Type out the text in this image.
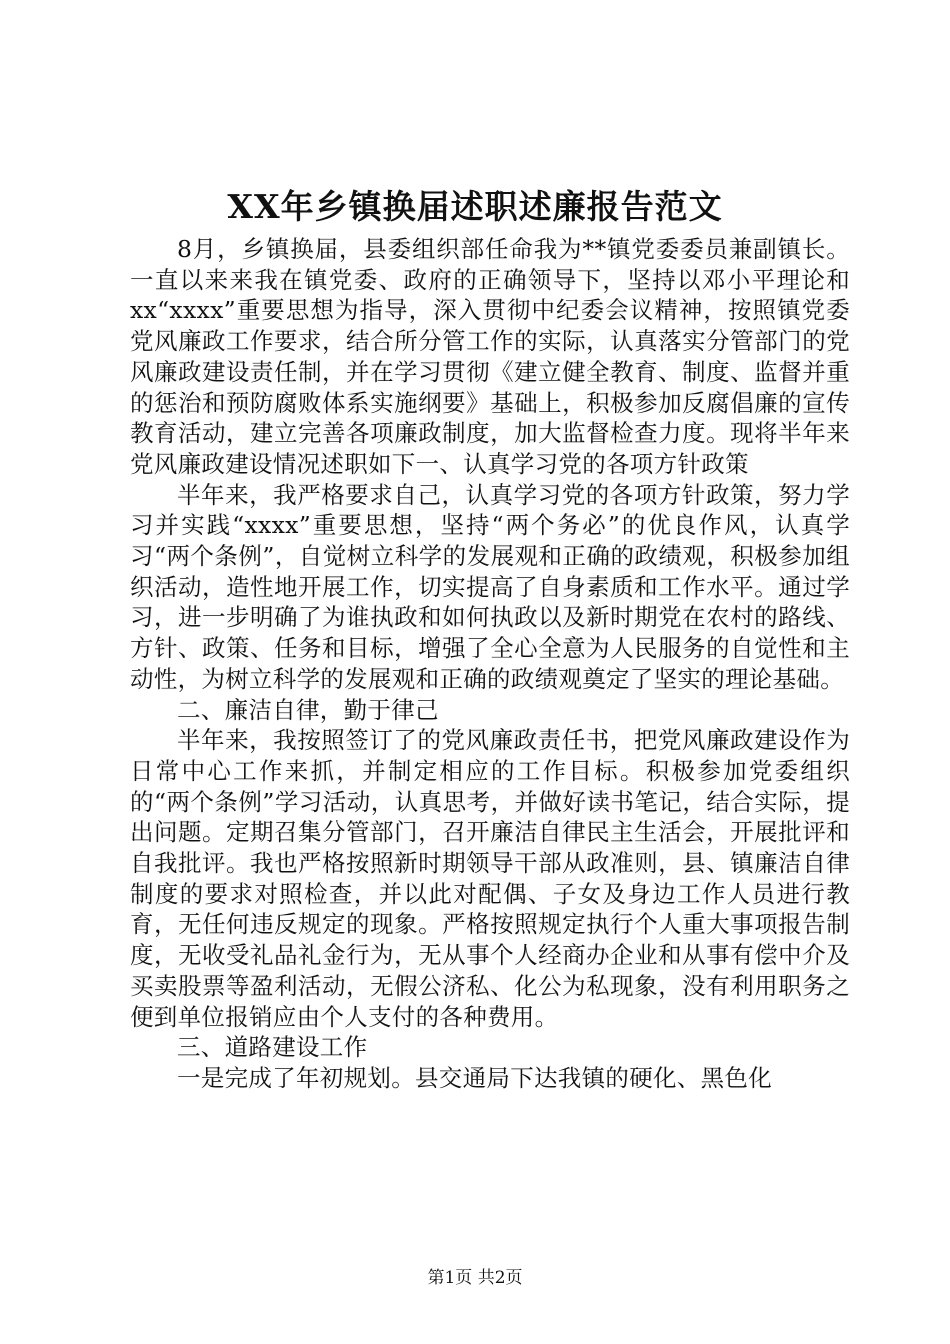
XX年乡镇换届述职述廉报告范文

8月，乡镇换届，县委组织部任命我为**镇党委委员兼副镇长。一直以来来我在镇党委、政府的正确领导下，坚持以邓小平理论和xx“xxxx”重要思想为指导，深入贯彻中纪委会议精神，按照镇党委党风廉政工作要求，结合所分管工作的实际，认真落实分管部门的党风廉政建设责任制，并在学习贯彻《建立健全教育、制度、监督并重的惩治和预防腐败体系实施纲要》基础上，积极参加反腐倡廉的宣传教育活动，建立完善各项廉政制度，加大监督检查力度。现将半年来党风廉政建设情况述职如下一、认真学习党的各项方针政策

半年来，我严格要求自己，认真学习党的各项方针政策，努力学习并实践“xxxx”重要思想，坚持“两个务必”的优良作风，认真学习“两个条例”，自觉树立科学的发展观和正确的政绩观，积极参加组织活动，造性地开展工作，切实提高了自身素质和工作水平。通过学习，进一步明确了为谁执政和如何执政以及新时期党在农村的路线、方针、政策、任务和目标，增强了全心全意为人民服务的自觉性和主动性，为树立科学的发展观和正确的政绩观奠定了坚实的理论基础。

二、廉洁自律，勤于律己

半年来，我按照签订了的党风廉政责任书，把党风廉政建设作为日常中心工作来抓，并制定相应的工作目标。积极参加党委组织的“两个条例”学习活动，认真思考，并做好读书笔记，结合实际，提出问题。定期召集分管部门，召开廉洁自律民主生活会，开展批评和自我批评。我也严格按照新时期领导干部从政准则，县、镇廉洁自律制度的要求对照检查，并以此对配偶、子女及身边工作人员进行教育，无任何违反规定的现象。严格按照规定执行个人重大事项报告制度，无收受礼品礼金行为，无从事个人经商办企业和从事有偿中介及买卖股票等盈利活动，无假公济私、化公为私现象，没有利用职务之便到单位报销应由个人支付的各种费用。

三、道路建设工作

一是完成了年初规划。县交通局下达我镇的硬化、黑色化

第1页 共2页
